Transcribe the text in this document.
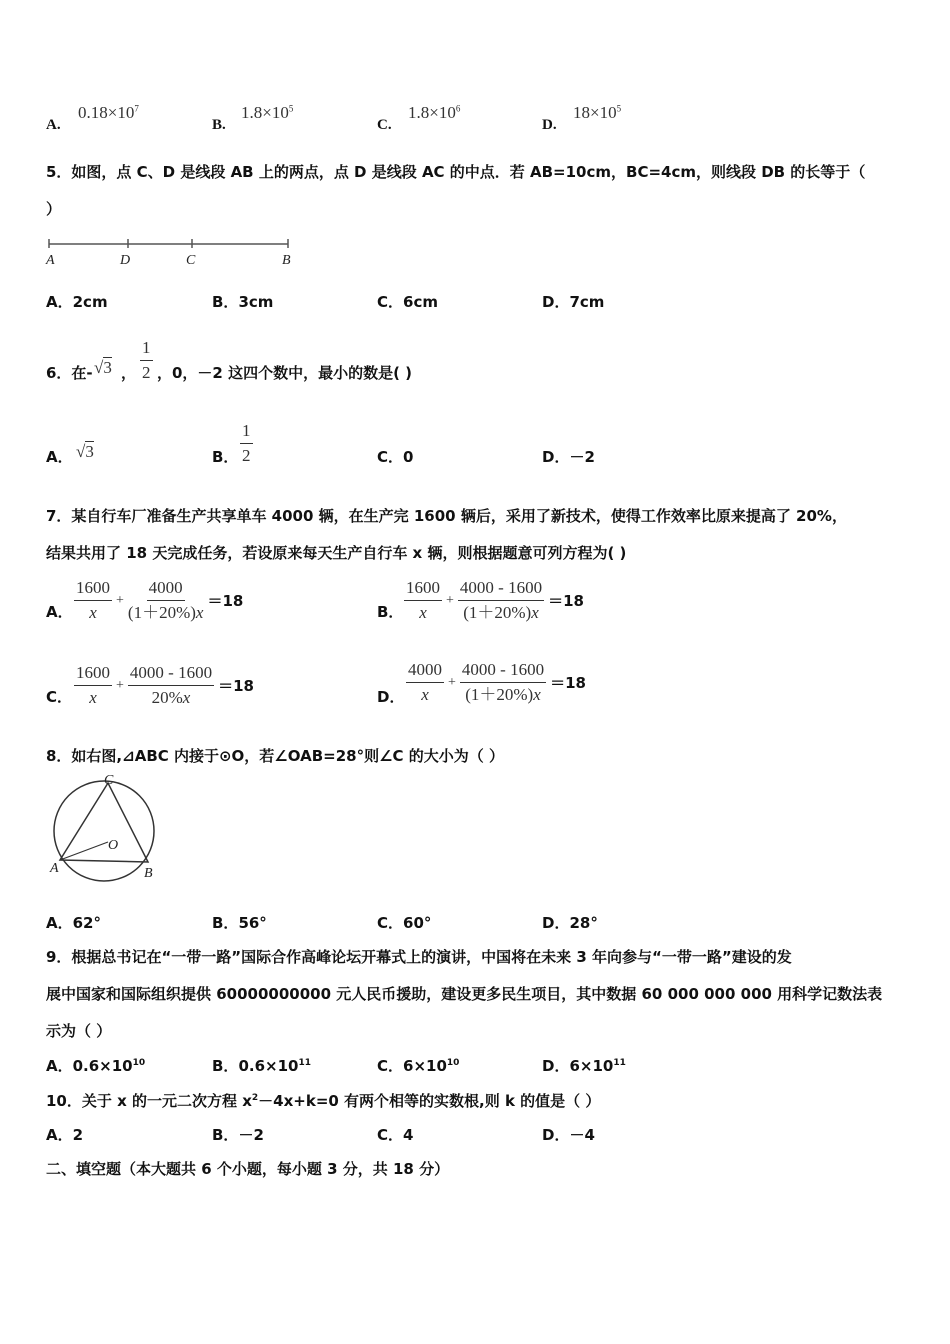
A.
$0.18\times 10^7$
B.
$1.8\times 10^5$
C.
$1.8\times 10^6$
D.
$18\times 10^5$
5．如图，点 C、D 是线段 AB 上的两点，点 D 是线段 AC 的中点．若 AB=10cm，BC=4cm，则线段 DB 的长等于（
）
A	D	C	B
A．2cm	B．3cm	C．6cm	D．7cm
6．在- √3 ， $\frac{1}{2}$ ，0，－2 这四个数中，最小的数是( )
A． √3	B． $\frac{1}{2}$	C．0	D．－2
7．某自行车厂准备生产共享单车 4000 辆，在生产完 1600 辆后，采用了新技术，使得工作效率比原来提高了 20%，
结果共用了 18 天完成任务，若设原来每天生产自行车 x 辆，则根据题意可列方程为( )
A． $\frac{1600}{x} + \frac{4000}{(1+20\%)x} =18$
B． $\frac{1600}{x} + \frac{4000 - 1600}{(1+20\%)x} =18$
C． $\frac{1600}{x} + \frac{4000 - 1600}{20\%x} =18$
D． $\frac{4000}{x} + \frac{4000 - 1600}{(1+20\%)x} =18$
8．如右图,⊿ABC 内接于⊙O，若∠OAB=28°则∠C 的大小为（ ）
C
O
A	B
A．62°	B．56°	C．60°	D．28°
9．根据总书记在“一带一路”国际合作高峰论坛开幕式上的演讲，中国将在未来 3 年向参与“一带一路”建设的发
展中国家和国际组织提供 60000000000 元人民币援助，建设更多民生项目，其中数据 60 000 000 000 用科学记数法表
示为（ ）
A．$0.6\times 10^{10}$	B．$0.6\times 10^{11}$	C．$6\times 10^{10}$	D．$6\times 10^{11}$
10．关于 x 的一元二次方程 $x^2-4x+k=0$ 有两个相等的实数根,则 k 的值是（ ）
A．2	B．－2	C．4	D．－4
二、填空题（本大题共 6 个小题，每小题 3 分，共 18 分）
